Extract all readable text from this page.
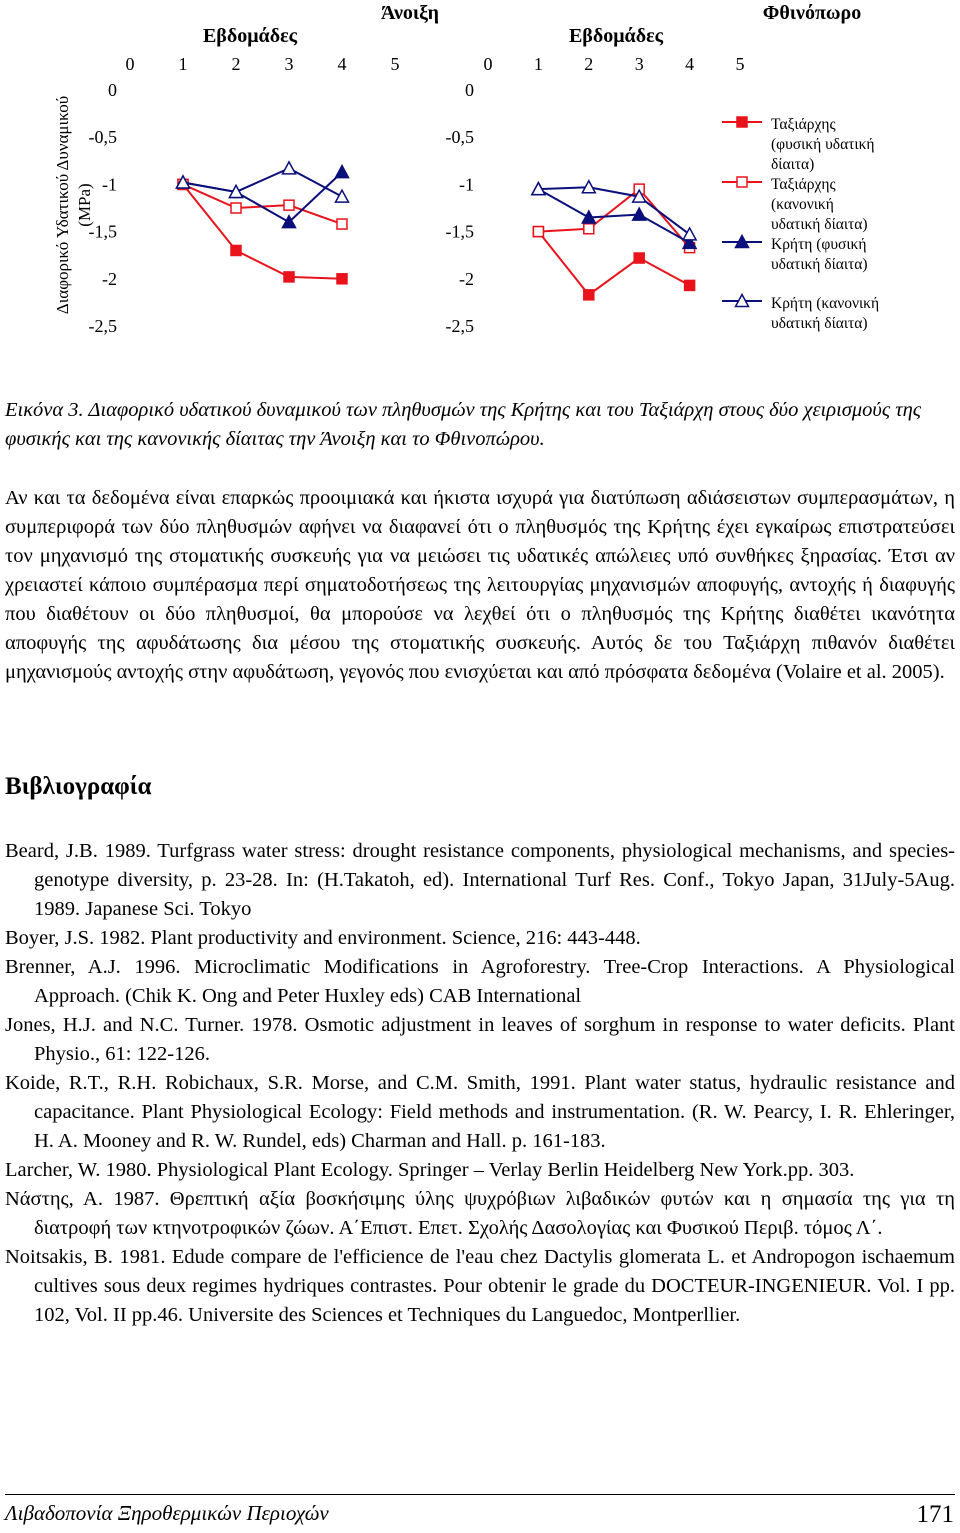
Άνοιξη
Εβδομάδες
0 1 2 3 4 5
0
-0,5
-1
-1,5
-2
-2,5
Φθινόπωρο
Εβδομάδες
0 1 2 3 4 5
0
-0,5
-1
-1,5
-2
-2,5
Διαφορικό Υδατικού Δυναμικού (MPa)
Ταξιάρχης
(φυσική υδατική
δίαιτα)
Ταξιάρχης
(κανονική
υδατική δίαιτα)
Κρήτη (φυσική
υδατική δίαιτα)
Κρήτη (κανονική
υδατική δίαιτα)
Εικόνα 3. Διαφορικό υδατικού δυναμικού των πληθυσμών της Κρήτης και του Ταξιάρχη στους δύο χειρισμούς της φυσικής και της κανονικής δίαιτας την Άνοιξη και το Φθινοπώρου.

Αν και τα δεδομένα είναι επαρκώς προοιμιακά και ήκιστα ισχυρά για διατύπωση αδιάσειστων συμπερασμάτων, η συμπεριφορά των δύο πληθυσμών αφήνει να διαφανεί ότι ο πληθυσμός της Κρήτης έχει εγκαίρως επιστρατεύσει τον μηχανισμό της στοματικής συσκευής για να μειώσει τις υδατικές απώλειες υπό συνθήκες ξηρασίας. Έτσι αν χρειαστεί κάποιο συμπέρασμα περί σηματοδοτήσεως της λειτουργίας μηχανισμών αποφυγής, αντοχής ή διαφυγής που διαθέτουν οι δύο πληθυσμοί, θα μπορούσε να λεχθεί ότι ο πληθυσμός της Κρήτης διαθέτει ικανότητα αποφυγής της αφυδάτωσης δια μέσου της στοματικής συσκευής. Αυτός δε του Ταξιάρχη πιθανόν διαθέτει μηχανισμούς αντοχής στην αφυδάτωση, γεγονός που ενισχύεται και από πρόσφατα δεδομένα (Volaire et al. 2005).

Βιβλιογραφία
Beard, J.B. 1989. Turfgrass water stress: drought resistance components, physiological mechanisms, and species-genotype diversity, p. 23-28. In: (H.Takatoh, ed). International Turf Res. Conf., Tokyo Japan, 31July-5Aug. 1989. Japanese Sci. Tokyo
Boyer, J.S. 1982. Plant productivity and environment. Science, 216: 443-448.
Brenner, A.J. 1996. Microclimatic Modifications in Agroforestry. Tree-Crop Interactions. A Physiological Approach. (Chik K. Ong and Peter Huxley eds) CAB International
Jones, H.J. and N.C. Turner. 1978. Osmotic adjustment in leaves of sorghum in response to water deficits. Plant Physio., 61: 122-126.
Koide, R.T., R.H. Robichaux, S.R. Morse, and C.M. Smith, 1991. Plant water status, hydraulic resistance and capacitance. Plant Physiological Ecology: Field methods and instrumentation. (R. W. Pearcy, I. R. Ehleringer, H. A. Mooney and R. W. Rundel, eds) Charman and Hall. p. 161-183.
Larcher, W. 1980. Physiological Plant Ecology. Springer – Verlay Berlin Heidelberg New York.pp. 303.
Νάστης, Α. 1987. Θρεπτική αξία βοσκήσιμης ύλης ψυχρόβιων λιβαδικών φυτών και η σημασία της για τη διατροφή των κτηνοτροφικών ζώων. Α΄Επιστ. Επετ. Σχολής Δασολογίας και Φυσικού Περιβ. τόμος Λ΄.
Noitsakis, B. 1981. Edude compare de l'efficience de l'eau chez Dactylis glomerata L. et Andropogon ischaemum cultives sous deux regimes hydriques contrastes. Pour obtenir le grade du DOCTEUR-INGENIEUR. Vol. I pp. 102, Vol. II pp.46. Universite des Sciences et Techniques du Languedoc, Montperllier.
Λιβαδοπονία Ξηροθερμικών Περιοχών	171
